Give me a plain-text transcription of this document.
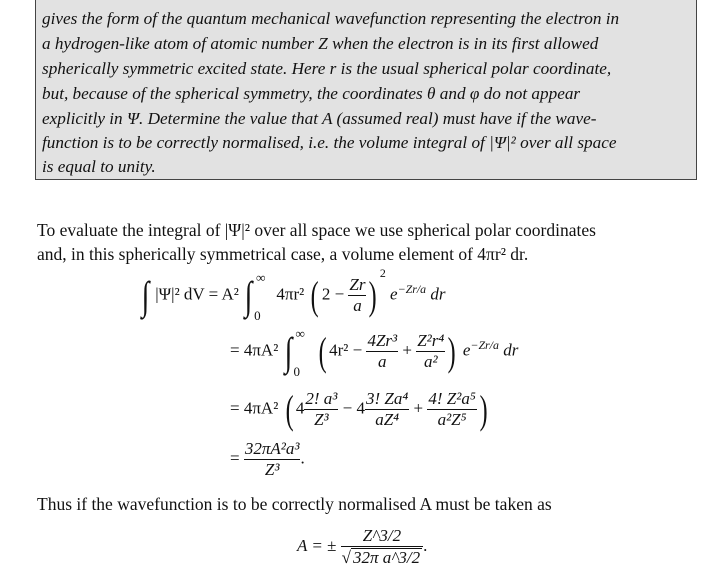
gives the form of the quantum mechanical wavefunction representing the electron in
a hydrogen-like atom of atomic number Z when the electron is in its first allowed
spherically symmetric excited state. Here r is the usual spherical polar coordinate,
but, because of the spherical symmetry, the coordinates θ and φ do not appear
explicitly in Ψ. Determine the value that A (assumed real) must have if the wave-
function is to be correctly normalised, i.e. the volume integral of |Ψ|² over all space
is equal to unity.
To evaluate the integral of |Ψ|² over all space we use spherical polar coordinates
and, in this spherically symmetrical case, a volume element of 4πr² dr.
∫ |Ψ|² dV = A² ∫ ∞
0
4πr² ( $2 - \frac{Zr}{a} )^2$ $e^{-Zr/a}$ dr
= 4πA² ∫ ∞
0 ( $4r^2 - \frac{\text{4Zr³}}{a} + \frac{\text{Z²r⁴}}{\text{a²}}$ ) $e^{-Zr/a}$ dr
= 4πA² ( $4 \frac{\text{2! a³}}{\text{Z³}} - 4 \frac{\text{3! Za⁴}}{\text{aZ⁴}} + \frac{\text{4! Z²a⁵}}{\text{a²Z⁵}}$ )
= $\frac{\text{32πA²a³}}{\text{Z³}}$ .
Thus if the wavefunction is to be correctly normalised A must be taken as
A = ± $\frac{Z\^{}3/2}{\text{√ 32π a\textasciicircum{}3/2}}$ .
